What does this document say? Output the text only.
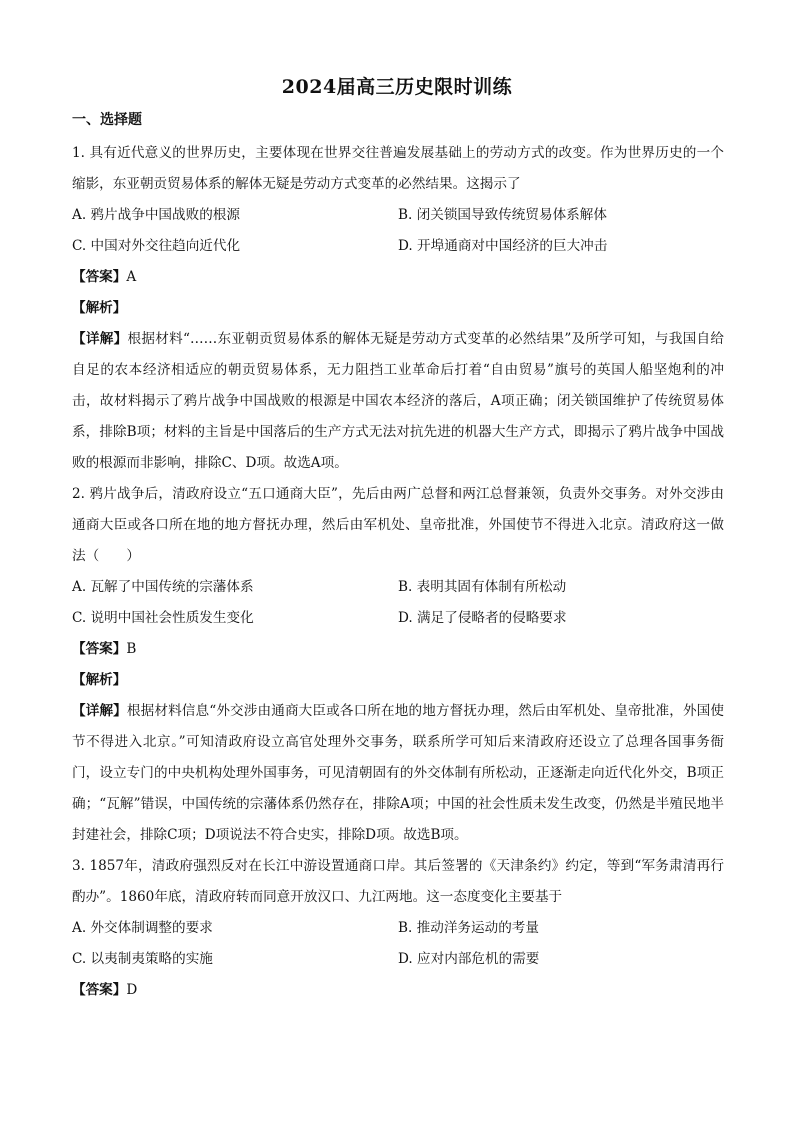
2024届高三历史限时训练
一、选择题

1. 具有近代意义的世界历史，主要体现在世界交往普遍发展基础上的劳动方式的改变。作为世界历史的一个缩影，东亚朝贡贸易体系的解体无疑是劳动方式变革的必然结果。这揭示了

A. 鸦片战争中国战败的根源	B. 闭关锁国导致传统贸易体系解体
C. 中国对外交往趋向近代化	D. 开埠通商对中国经济的巨大冲击

【答案】A

【解析】

【详解】根据材料“……东亚朝贡贸易体系的解体无疑是劳动方式变革的必然结果”及所学可知，与我国自给自足的农本经济相适应的朝贡贸易体系，无力阻挡工业革命后打着“自由贸易”旗号的英国人船坚炮利的冲击，故材料揭示了鸦片战争中国战败的根源是中国农本经济的落后，A项正确；闭关锁国维护了传统贸易体系，排除B项；材料的主旨是中国落后的生产方式无法对抗先进的机器大生产方式，即揭示了鸦片战争中国战败的根源而非影响，排除C、D项。故选A项。

2. 鸦片战争后，清政府设立“五口通商大臣”，先后由两广总督和两江总督兼领，负责外交事务。对外交涉由通商大臣或各口所在地的地方督抚办理，然后由军机处、皇帝批准，外国使节不得进入北京。清政府这一做法（　　）

A. 瓦解了中国传统的宗藩体系	B. 表明其固有体制有所松动
C. 说明中国社会性质发生变化	D. 满足了侵略者的侵略要求

【答案】B

【解析】

【详解】根据材料信息“外交涉由通商大臣或各口所在地的地方督抚办理，然后由军机处、皇帝批准，外国使节不得进入北京。”可知清政府设立高官处理外交事务，联系所学可知后来清政府还设立了总理各国事务衙门，设立专门的中央机构处理外国事务，可见清朝固有的外交体制有所松动，正逐渐走向近代化外交，B项正确；“瓦解”错误，中国传统的宗藩体系仍然存在，排除A项；中国的社会性质未发生改变，仍然是半殖民地半封建社会，排除C项；D项说法不符合史实，排除D项。故选B项。

3. 1857年，清政府强烈反对在长江中游设置通商口岸。其后签署的《天津条约》约定，等到“军务肃清再行酌办”。1860年底，清政府转而同意开放汉口、九江两地。这一态度变化主要基于

A. 外交体制调整的要求	B. 推动洋务运动的考量
C. 以夷制夷策略的实施	D. 应对内部危机的需要

【答案】D
